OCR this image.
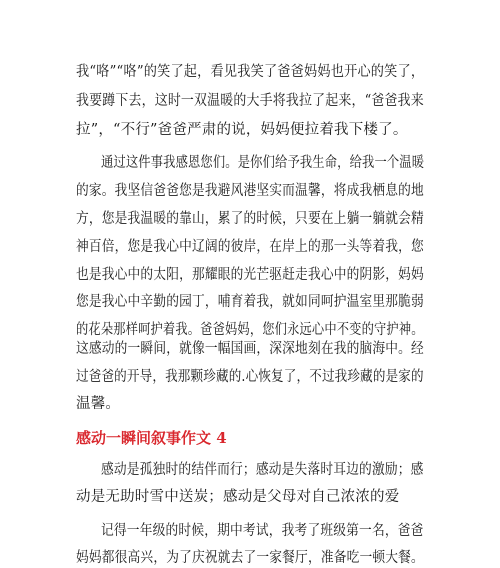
我“咯”“咯”的笑了起，看见我笑了爸爸妈妈也开心的笑了，
我要蹲下去，这时一双温暖的大手将我拉了起来，“爸爸我来
拉”，“不行”爸爸严肃的说，妈妈便拉着我下楼了。
通过这件事我感恩您们。是你们给予我生命，给我一个温暖
的家。我坚信爸爸您是我避风港坚实而温馨，将成我栖息的地
方，您是我温暖的靠山，累了的时候，只要在上躺一躺就会精
神百倍，您是我心中辽阔的彼岸，在岸上的那一头等着我，您
也是我心中的太阳，那耀眼的光芒驱赶走我心中的阴影，妈妈
您是我心中辛勤的园丁，哺育着我，就如同呵护温室里那脆弱
的花朵那样呵护着我。爸爸妈妈，您们永远心中不变的守护神。
这感动的一瞬间，就像一幅国画，深深地刻在我的脑海中。经
过爸爸的开导，我那颗珍藏的.心恢复了，不过我珍藏的是家的
温馨。
感动一瞬间叙事作文 4
感动是孤独时的结伴而行；感动是失落时耳边的激励；感
动是无助时雪中送炭；感动是父母对自己浓浓的爱
记得一年级的时候，期中考试，我考了班级第一名，爸爸
妈妈都很高兴，为了庆祝就去了一家餐厅，准备吃一顿大餐。
